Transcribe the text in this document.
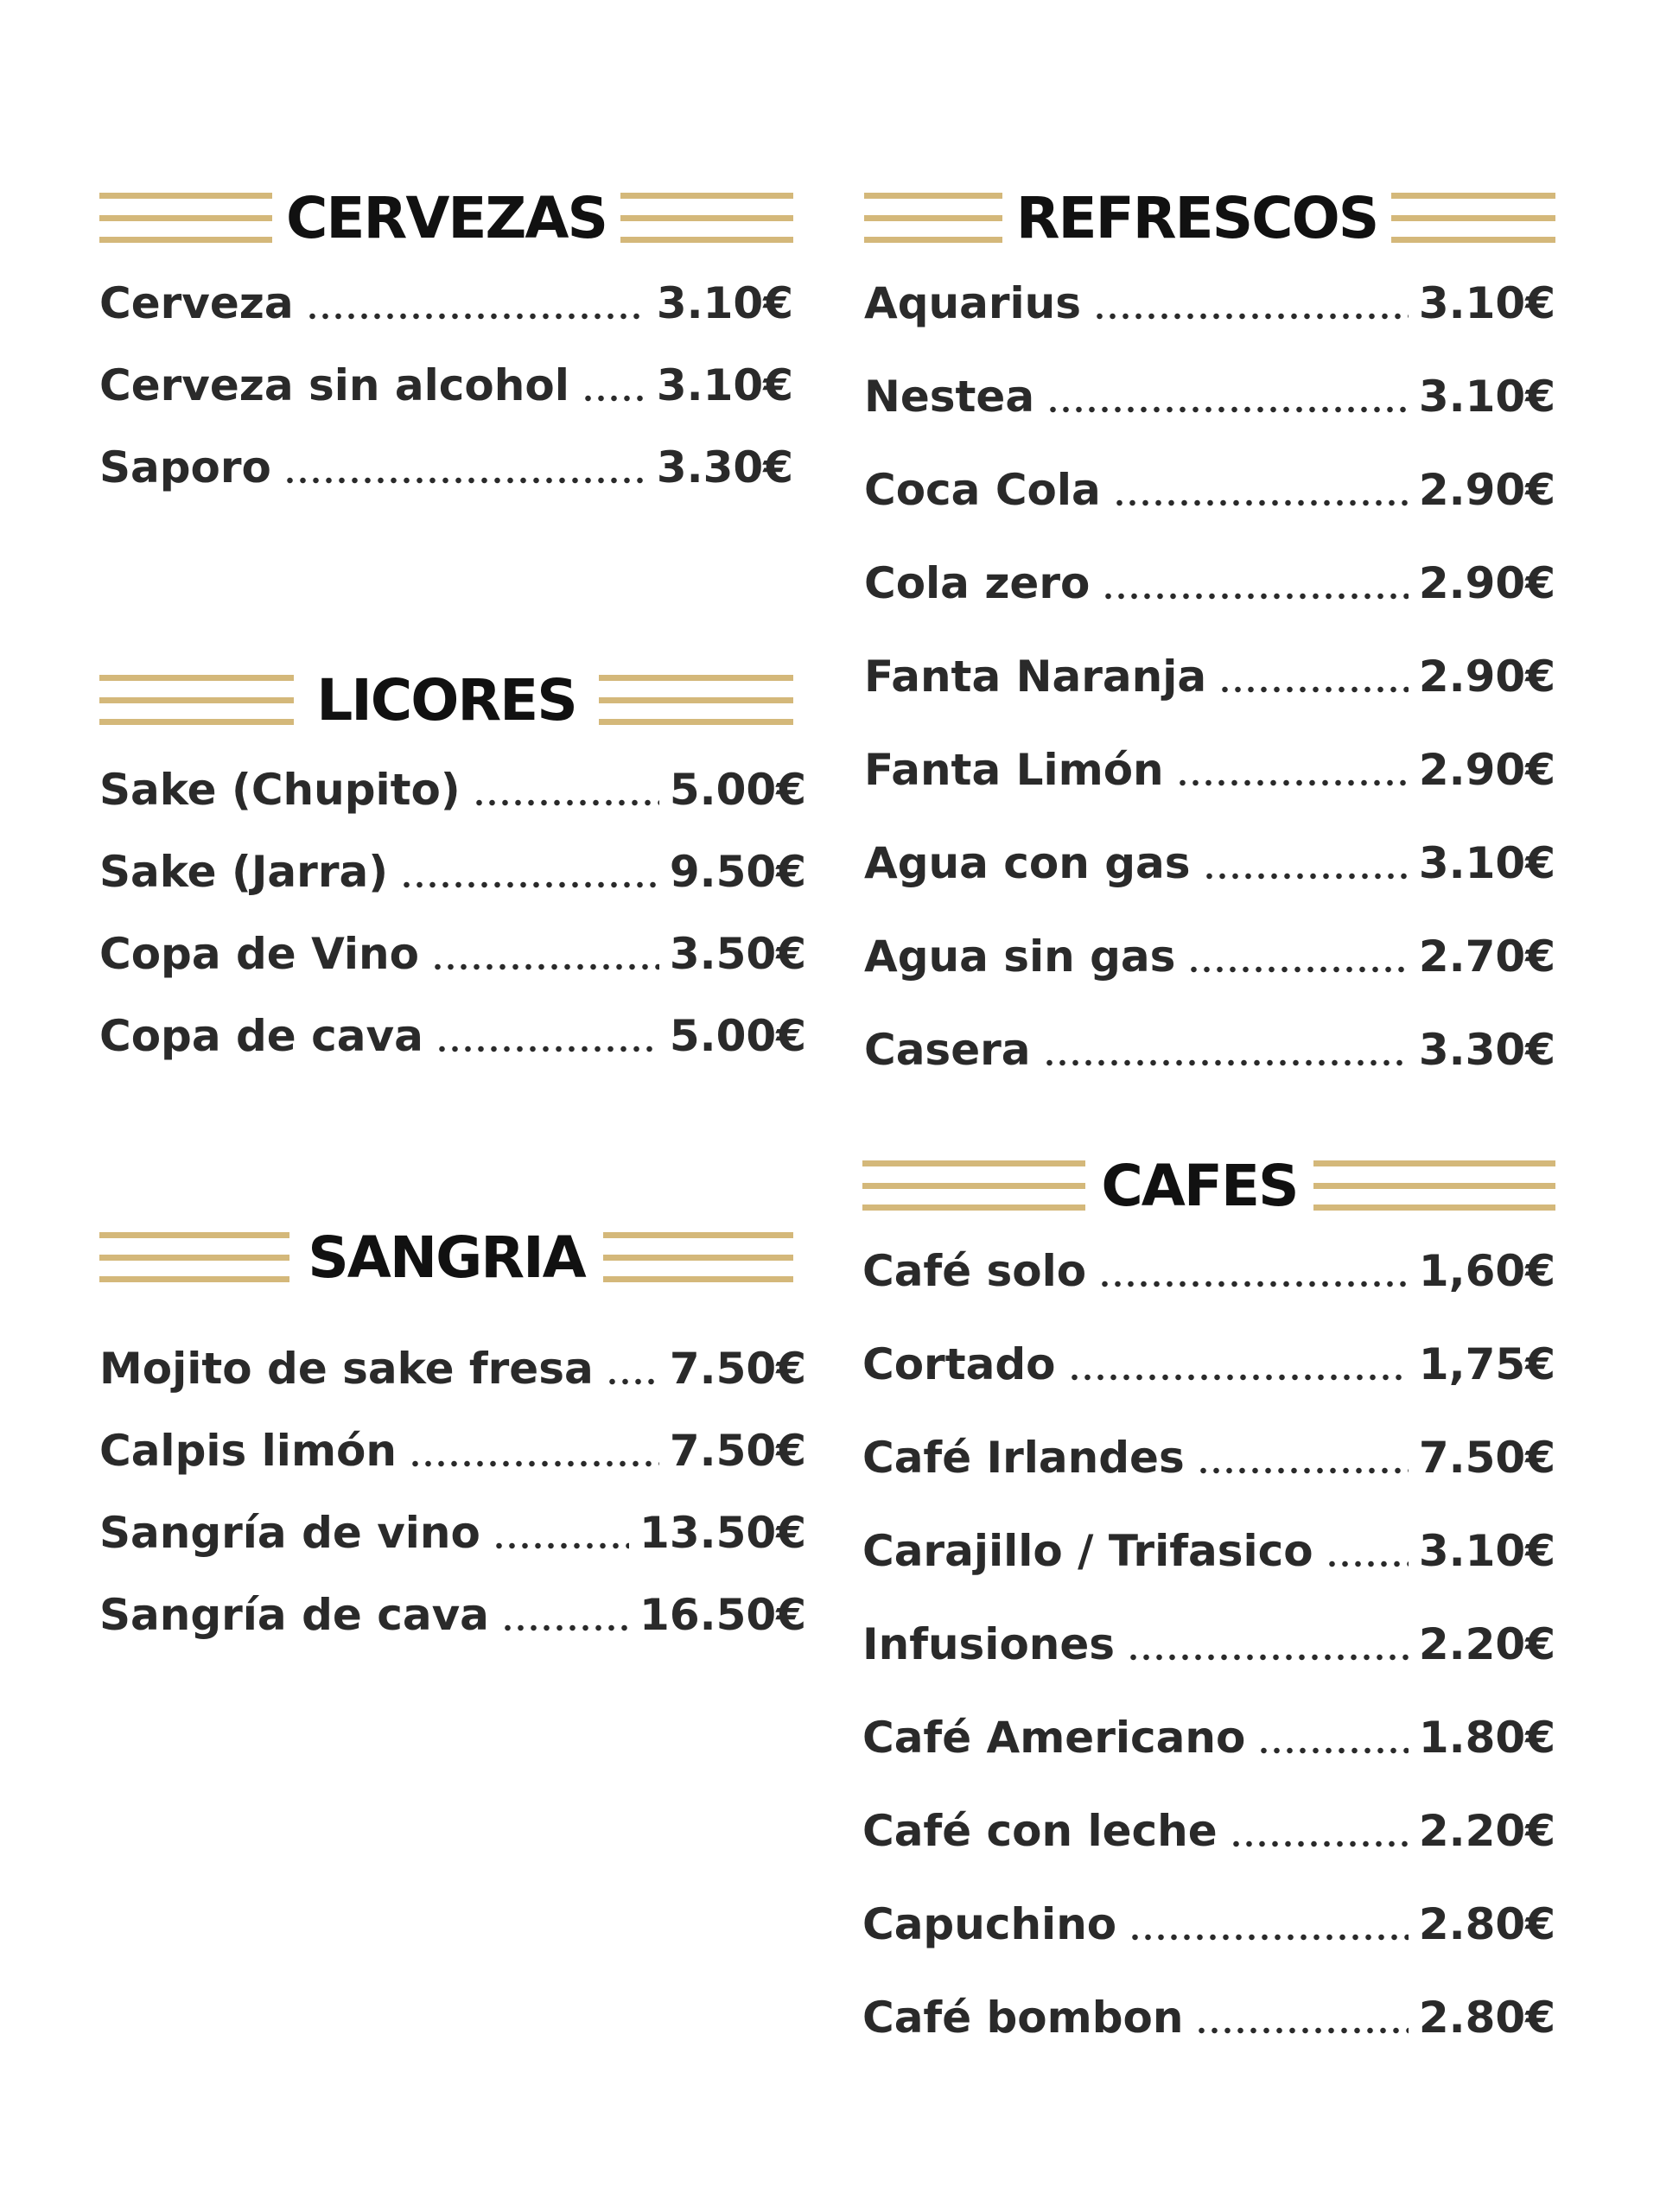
CERVEZAS
Cerveza	3.10€
Cerveza sin alcohol 3.10€
Saporo	3.30€
LICORES
Sake (Chupito)	5.00€
Sake (Jarra)	9.50€
Copa de Vino	3.50€
Copa de cava	5.00€
SANGRIA
Mojito de sake fresa 7.50€
Calpis limón	7.50€
Sangría de vino	13.50€
Sangría de cava	16.50€
REFRESCOS
Aquarius	3.10€
Nestea	3.10€
Coca Cola	2.90€
Cola zero	2.90€
Fanta Naranja	2.90€
Fanta Limón	2.90€
Agua con gas	3.10€
Agua sin gas	2.70€
Casera	3.30€
CAFES
Café solo	1,60€
Cortado	1,75€
Café Irlandes	7.50€
Carajillo / Trifasico 3.10€
Infusiones	2.20€
Café Americano	1.80€
Café con leche	2.20€
Capuchino	2.80€
Café bombon	2.80€
